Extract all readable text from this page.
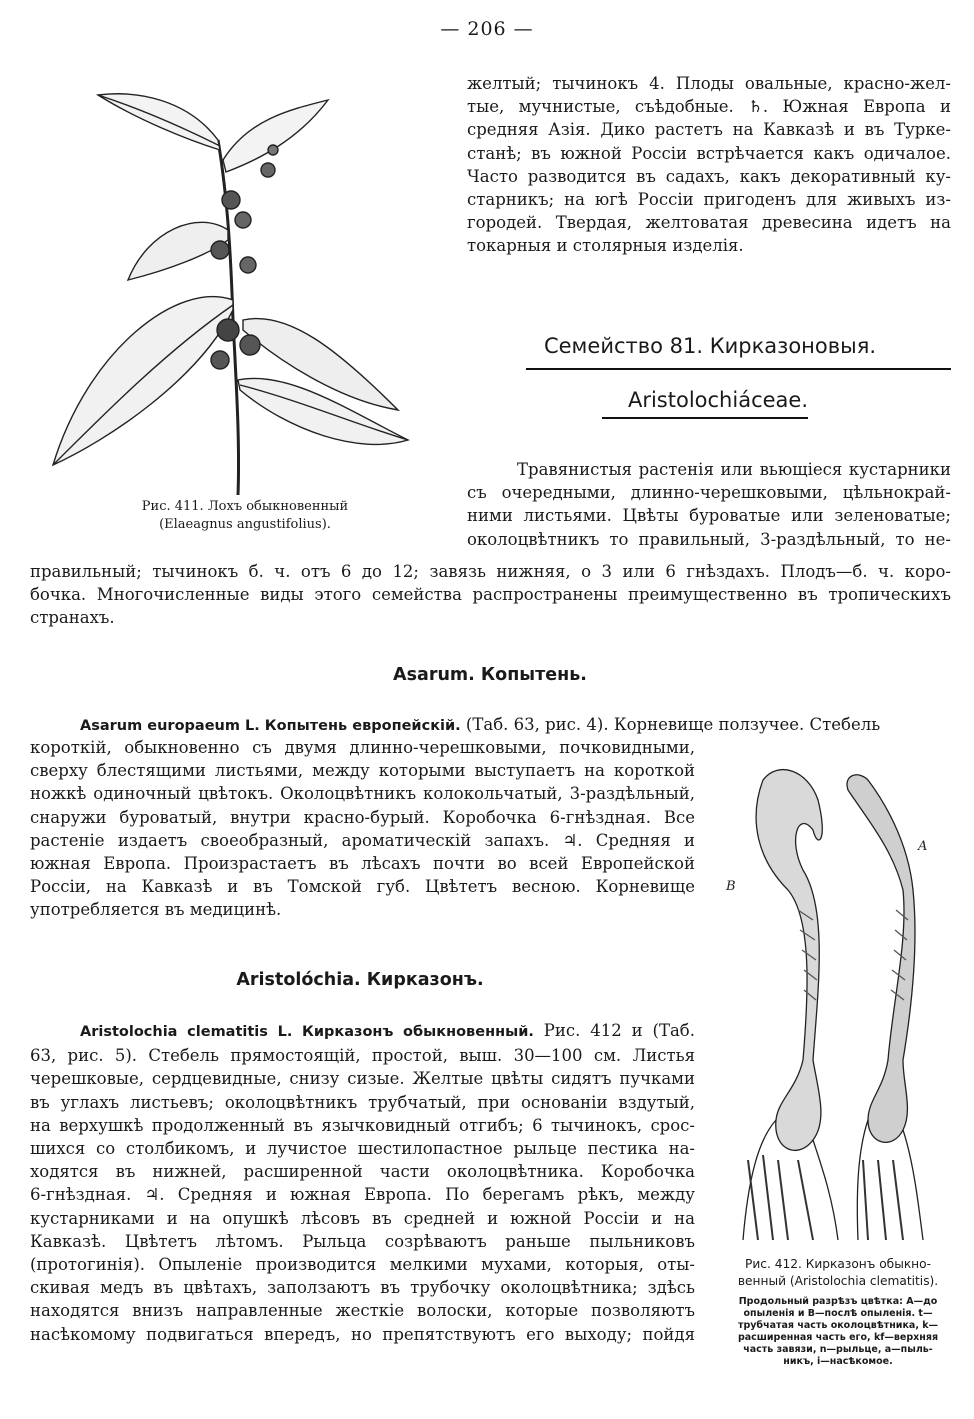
— 206 —
Рис. 411. Лохъ обыкновенный
(Elaeagnus angustifolius).
желтый; тычинокъ 4. Плоды овальные, красно-жел-
тые, мучнистые, съѣдобные. ♄. Южная Европа и
средняя Азія. Дико растетъ на Кавказѣ и въ Турке-
станѣ; въ южной Россіи встрѣчается какъ одичалое.
Часто разводится въ садахъ, какъ декоративный ку-
старникъ; на югѣ Россіи пригоденъ для живыхъ из-
городей. Твердая, желтоватая древесина идетъ на
токарныя и столярныя изделія.
Семейство 81. Кирказоновыя.
Aristolochiáceae.
Травянистыя растенія или вьющіеся кустарники
съ очередными, длинно-черешковыми, цѣльнокрай-
ними листьями. Цвѣты буроватые или зеленоватые;
околоцвѣтникъ то правильный, 3-раздѣльный, то не-
правильный; тычинокъ б. ч. отъ 6 до 12; завязь нижняя, о 3 или 6 гнѣздахъ. Плодъ—б. ч. коро-
бочка. Многочисленные виды этого семейства распространены преимущественно въ тропическихъ
странахъ.
Asarum. Копытень.
Asarum europaeum L. Копытень европейскій. (Таб. 63, рис. 4). Корневище ползучее. Стебель
короткій, обыкновенно съ двумя длинно-черешковыми, почковидными,
сверху блестящими листьями, между которыми выступаетъ на короткой
ножкѣ одиночный цвѣтокъ. Околоцвѣтникъ колокольчатый, 3-раздѣльный,
снаружи буроватый, внутри красно-бурый. Коробочка 6-гнѣздная. Все
растеніе издаетъ своеобразный, ароматическій запахъ. ♃. Средняя и
южная Европа. Произрастаетъ въ лѣсахъ почти во всей Европейской
Россіи, на Кавказѣ и въ Томской губ. Цвѣтетъ весною. Корневище
употребляется въ медицинѣ.
Aristolóchia. Кирказонъ.
Aristolochia clematitis L. Кирказонъ обыкновенный. Рис. 412 и (Таб.
63, рис. 5). Стебель прямостоящій, простой, выш. 30—100 см. Листья
черешковые, сердцевидные, снизу сизые. Желтые цвѣты сидятъ пучками
въ углахъ листьевъ; околоцвѣтникъ трубчатый, при основаніи вздутый,
на верхушкѣ продолженный въ язычковидный отгибъ; 6 тычинокъ, срос-
шихся со столбикомъ, и лучистое шестилопастное рыльце пестика на-
ходятся въ нижней, расширенной части околоцвѣтника. Коробочка
6-гнѣздная. ♃. Средняя и южная Европа. По берегамъ рѣкъ, между
кустарниками и на опушкѣ лѣсовъ въ средней и южной Россіи и на
Кавказѣ. Цвѣтетъ лѣтомъ. Рыльца созрѣваютъ раньше пыльниковъ
(протогинія). Опыленіе производится мелкими мухами, которыя, оты-
скивая медъ въ цвѣтахъ, заползаютъ въ трубочку околоцвѣтника; здѣсь
находятся внизъ направленные жесткіе волоски, которые позволяютъ
насѣкомому подвигаться впередъ, но препятствуютъ его выходу; пойдя
B
A
Рис. 412. Кирказонъ обыкно-
венный (Aristolochia clematitis).
Продольный разрѣзъ цвѣтка: A—до
опыленія и B—послѣ опыленія. t—
трубчатая часть околоцвѣтника, k—
расширенная часть его, kf—верхняя
часть завязи, n—рыльце, a—пыль-
никъ, i—насѣкомое.
